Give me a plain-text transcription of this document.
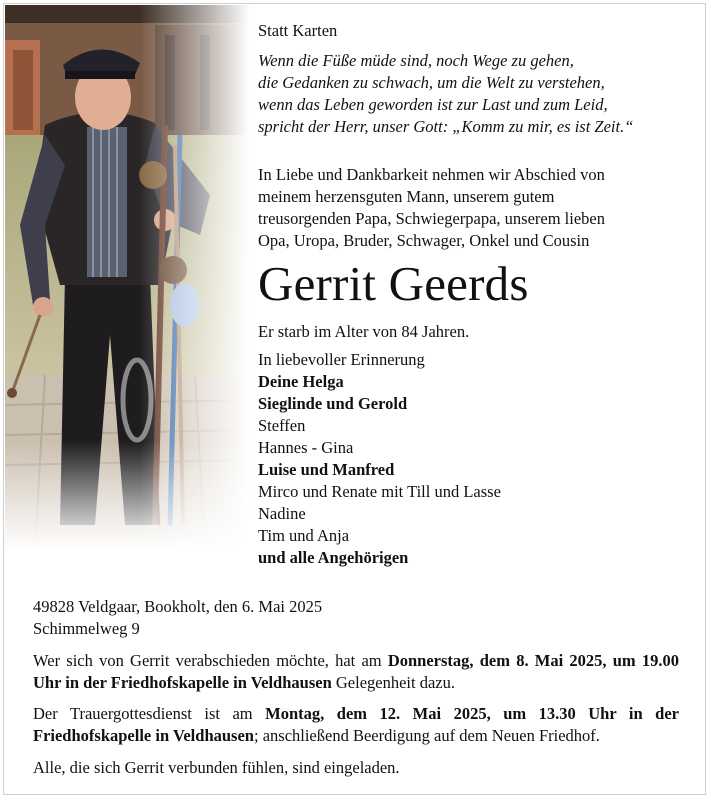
Statt Karten
Wenn die Füße müde sind, noch Wege zu gehen,
die Gedanken zu schwach, um die Welt zu verstehen,
wenn das Leben geworden ist zur Last und zum Leid,
spricht der Herr, unser Gott: „Komm zu mir, es ist Zeit.“
In Liebe und Dankbarkeit nehmen wir Abschied von
meinem herzensguten Mann, unserem gutem
treusorgenden Papa, Schwiegerpapa, unserem lieben
Opa, Uropa, Bruder, Schwager, Onkel und Cousin
Gerrit Geerds
Er starb im Alter von 84 Jahren.
In liebevoller Erinnerung
Deine Helga
Sieglinde und Gerold
Steffen
Hannes - Gina
Luise und Manfred
Mirco und Renate mit Till und Lasse
Nadine
Tim und Anja
und alle Angehörigen
49828 Veldgaar, Bookholt, den 6. Mai 2025
Schimmelweg 9
Wer sich von Gerrit verabschieden möchte, hat am Donnerstag, dem 8. Mai 2025, um 19.00 Uhr in der Friedhofskapelle in Veldhausen Gelegenheit dazu.
Der Trauergottesdienst ist am Montag, dem 12. Mai 2025, um 13.30 Uhr in der Friedhofskapelle in Veldhausen; anschließend Beerdigung auf dem Neuen Friedhof.
Alle, die sich Gerrit verbunden fühlen, sind eingeladen.
